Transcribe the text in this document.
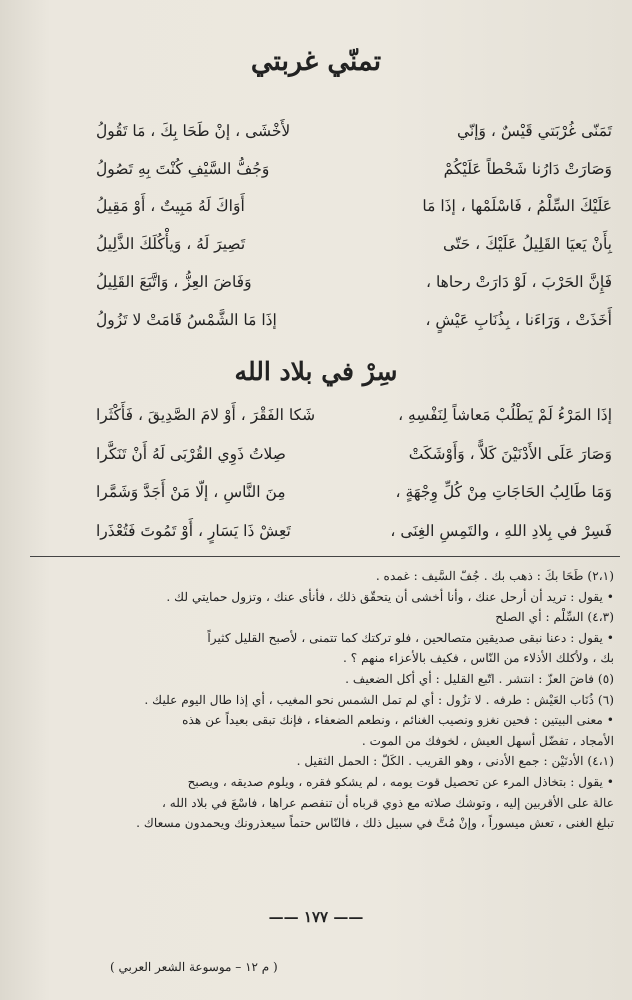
تمنّي غربتي
تَمَنّى غُرْبَتي قَيْسٌ ، وَإنّي
لأَخْشَى ، إنْ طَحَا بِكَ ، مَا تَقُولُ
وَصَارَتْ دَارُنا شَحْطاً عَلَيْكُمْ
وَجُفُّ السَّيْفِ كُنْتَ بِهِ تَصُولُ
عَلَيْكَ السِّلْمُ ، فَاسْلَمْها ، إذَا مَا
أَوَاكَ لَهُ مَبِيتٌ ، أَوْ مَقِيلُ
بِأَنْ يَعيَا القَلِيلُ عَلَيْكَ ، حَتّى
تَصِيرَ لَهُ ، وَيأْكُلَكَ الذَّلِيلُ
فَإِنَّ الحَرْبَ ، لَوْ دَارَتْ رحاها ،
وَفَاضَ العِزُّ ، وَاتَّبَعَ القَلِيلُ
أَخَذَتْ ، وَرَاءَنا ، بِذُنَابِ عَيْشٍ ،
إذَا مَا الشَّمْسُ قَامَتْ لا تَزُولُ
سِرْ في بلاد الله
إذَا المَرْءُ لَمْ يَطْلُبْ مَعاشاً لِنَفْسِهِ ،
شَكا الفَقْرَ ، أَوْ لامَ الصَّدِيقَ ، فَأَكْثَرا
وَصَارَ عَلَى الأَدْنَيْنَ كَلاًّ ، وَأَوْشَكَتْ
صِلاتُ ذَوِي القُرْبَى لَهُ أَنْ تَنَكَّرا
وَمَا طَالِبُ الحَاجَاتِ مِنْ كُلِّ وِجْهَةٍ ،
مِنَ النَّاسِ ، إلّا مَنْ أَجَدَّ وَشَمَّرا
فَسِرْ في بِلادِ اللهِ ، والتَمِسِ الغِنَى ،
تَعِشْ ذَا يَسَارٍ ، أَوْ تَمُوتَ فَتُعْذَرا
(٢،١) طَحَا بكَ : ذهب بك . جُفّ السَّيف : غمده .
• يقول : تريد أن أرحل عنك ، وأنا أخشى أن يتحقّق ذلك ، فأنأى عنك ، وتزول حمايتي لك .
(٤،٣) السِّلْم : أي الصلح
• يقول : دعنا نبقى صديقين متصالحين ، فلو تركتك كما تتمنى ، لأصبح القليل كثيراً
بك ، ولأكلك الأذلاء من النّاس ، فكيف بالأعزاء منهم ؟ .
(٥) فاضَ العزّ : انتشر . اتّبع القليل : أي أكل الضعيف .
(٦) ذُنَاب العَيْش : طرفه . لا تزُول : أي لم تمل الشمس نحو المغيب ، أي إذا طال اليوم عليك .
• معنى البيتين : فحين نغزو ونصيب الغنائم ، ونطعم الضعفاء ، فإنك تبقى بعيداً عن هذه
الأمجاد ، تفضّل أسهل العيش ، لخوفك من الموت .
(٤،١) الأدنَيْن : جمع الأدنى ، وهو القريب . الكَلّ : الحمل الثقيل .
• يقول : بتخاذل المرء عن تحصيل قوت يومه ، لم يشكو فقره ، ويلوم صديقه ، ويصبح
عالة على الأقربين إليه ، وتوشك صلاته مع ذوي قرباه أن تنفصم عراها ، فاسْعَ في بلاد الله ،
تبلغ الغنى ، تعش ميسوراً ، وإنْ مُتَّ في سبيل ذلك ، فالنّاس حتماً سيعذرونك ويحمدون مسعاك .
—— ١٧٧ ——
( م ١٢ – موسوعة الشعر العربي )
